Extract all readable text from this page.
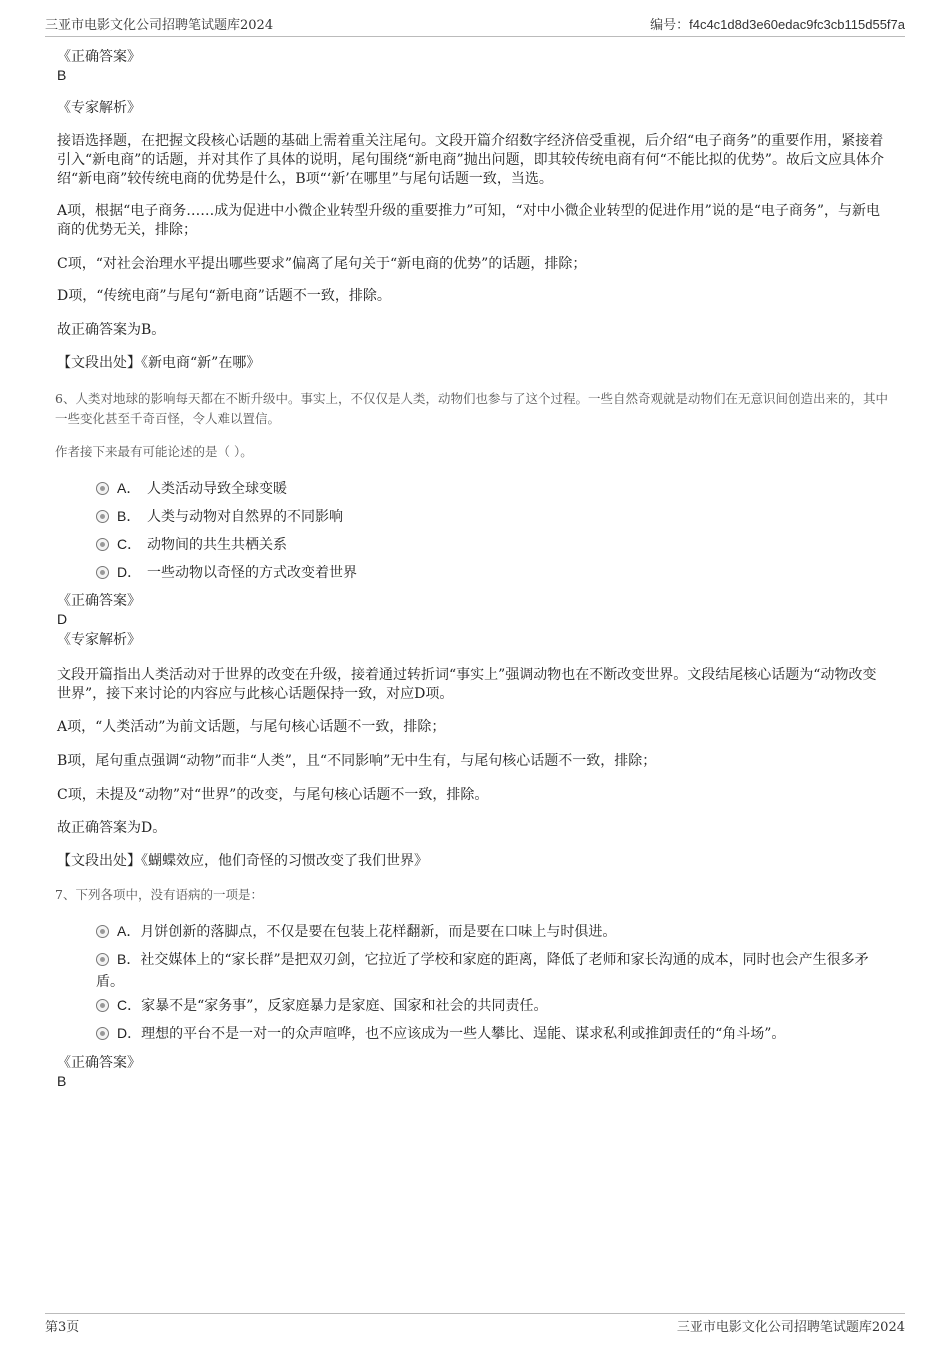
三亚市电影文化公司招聘笔试题库2024	编号：f4c4c1d8d3e60edac9fc3cb115d55f7a
《正确答案》
B
《专家解析》
接语选择题，在把握文段核心话题的基础上需着重关注尾句。文段开篇介绍数字经济倍受重视，后介绍“电子商务”的重要作用，紧接着引入“新电商”的话题，并对其作了具体的说明，尾句围绕“新电商”抛出问题，即其较传统电商有何“不能比拟的优势”。故后文应具体介绍“新电商”较传统电商的优势是什么，B项“‘新’在哪里”与尾句话题一致，当选。
A项，根据“电子商务……成为促进中小微企业转型升级的重要推力”可知，“对中小微企业转型的促进作用”说的是“电子商务”，与新电商的优势无关，排除；
C项，“对社会治理水平提出哪些要求”偏离了尾句关于“新电商的优势”的话题，排除；
D项，“传统电商”与尾句“新电商”话题不一致，排除。
故正确答案为B。
【文段出处】《新电商“新”在哪》
6、人类对地球的影响每天都在不断升级中。事实上，不仅仅是人类，动物们也参与了这个过程。一些自然奇观就是动物们在无意识间创造出来的，其中一些变化甚至千奇百怪，令人难以置信。
作者接下来最有可能论述的是（ ）。
A． 人类活动导致全球变暖
B． 人类与动物对自然界的不同影响
C． 动物间的共生共栖关系
D． 一些动物以奇怪的方式改变着世界
《正确答案》
D
《专家解析》
文段开篇指出人类活动对于世界的改变在升级，接着通过转折词“事实上”强调动物也在不断改变世界。文段结尾核心话题为“动物改变世界”，接下来讨论的内容应与此核心话题保持一致，对应D项。
A项，“人类活动”为前文话题，与尾句核心话题不一致，排除；
B项，尾句重点强调“动物”而非“人类”，且“不同影响”无中生有，与尾句核心话题不一致，排除；
C项，未提及“动物”对“世界”的改变，与尾句核心话题不一致，排除。
故正确答案为D。
【文段出处】《蝴蝶效应，他们奇怪的习惯改变了我们世界》
7、下列各项中，没有语病的一项是：
A．月饼创新的落脚点，不仅是要在包装上花样翻新，而是要在口味上与时俱进。
B．社交媒体上的“家长群”是把双刃剑，它拉近了学校和家庭的距离，降低了老师和家长沟通的成本，同时也会产生很多矛盾。
C．家暴不是“家务事”，反家庭暴力是家庭、国家和社会的共同责任。
D．理想的平台不是一对一的众声喧哗，也不应该成为一些人攀比、逞能、谋求私利或推卸责任的“角斗场”。
《正确答案》
B
第3页	三亚市电影文化公司招聘笔试题库2024
